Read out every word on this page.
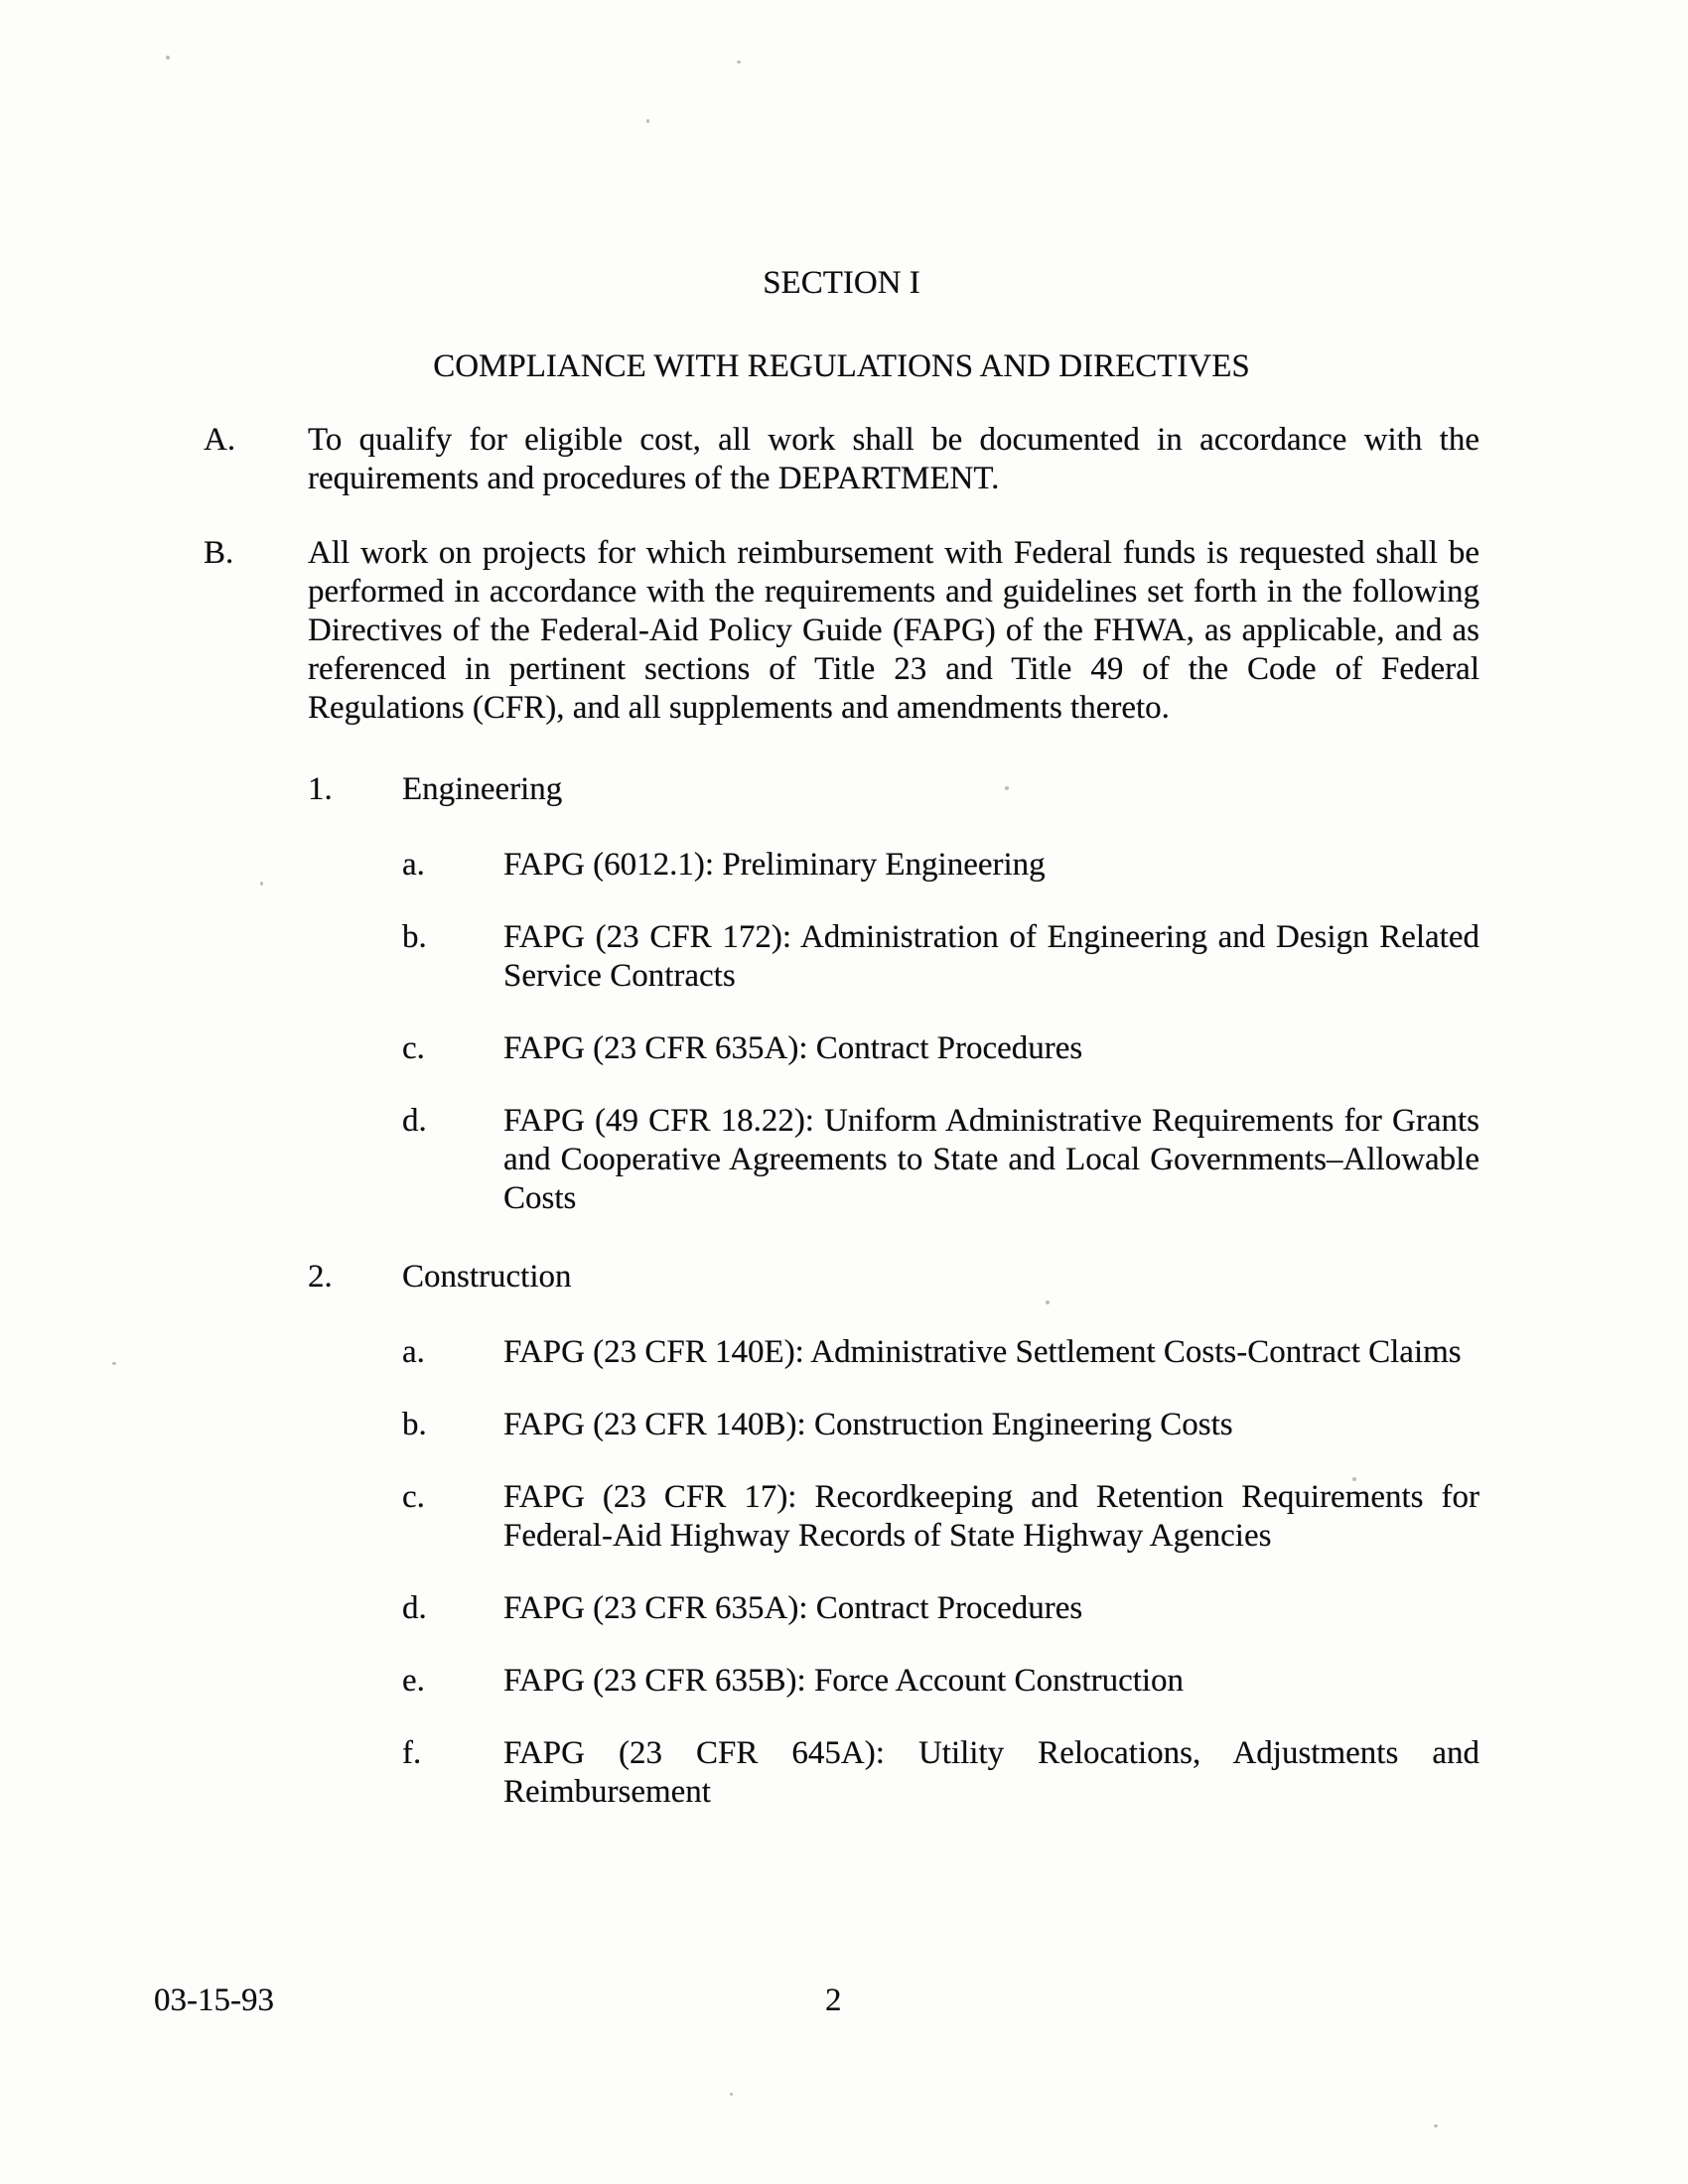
SECTION I
COMPLIANCE WITH REGULATIONS AND DIRECTIVES
A.	To qualify for eligible cost, all work shall be documented in accordance with the requirements and procedures of the DEPARTMENT.
B.	All work on projects for which reimbursement with Federal funds is requested shall be performed in accordance with the requirements and guidelines set forth in the following Directives of the Federal-Aid Policy Guide (FAPG) of the FHWA, as applicable, and as referenced in pertinent sections of Title 23 and Title 49 of the Code of Federal Regulations (CFR), and all supplements and amendments thereto.
1.	Engineering
a.	FAPG (6012.1): Preliminary Engineering
b.	FAPG (23 CFR 172): Administration of Engineering and Design Related Service Contracts
c.	FAPG (23 CFR 635A): Contract Procedures
d.	FAPG (49 CFR 18.22): Uniform Administrative Requirements for Grants and Cooperative Agreements to State and Local Governments–Allowable Costs
2.	Construction
a.	FAPG (23 CFR 140E): Administrative Settlement Costs-Contract Claims
b.	FAPG (23 CFR 140B): Construction Engineering Costs
c.	FAPG (23 CFR 17): Recordkeeping and Retention Requirements for Federal-Aid Highway Records of State Highway Agencies
d.	FAPG (23 CFR 635A): Contract Procedures
e.	FAPG (23 CFR 635B): Force Account Construction
f.	FAPG (23 CFR 645A): Utility Relocations, Adjustments and Reimbursement
03-15-93	2
